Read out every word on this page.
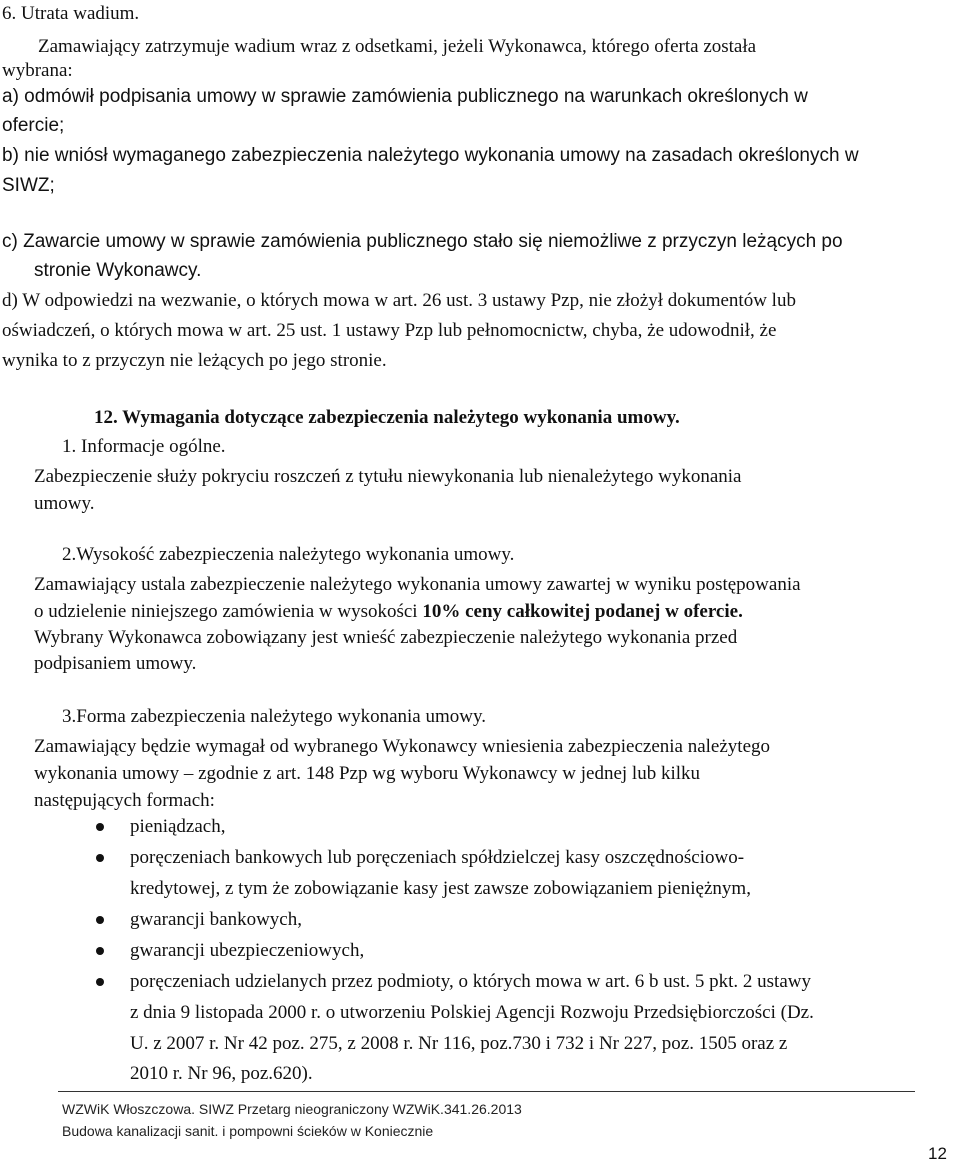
6. Utrata wadium.
Zamawiający zatrzymuje wadium wraz z odsetkami, jeżeli Wykonawca, którego oferta została
wybrana:
a) odmówił podpisania umowy w sprawie zamówienia publicznego na warunkach określonych w
ofercie;
b) nie wniósł wymaganego zabezpieczenia należytego wykonania umowy na zasadach określonych w
SIWZ;
c) Zawarcie umowy w sprawie zamówienia publicznego stało się niemożliwe z przyczyn leżących po
stronie Wykonawcy.
d) W odpowiedzi na wezwanie, o których mowa w art. 26 ust. 3 ustawy Pzp, nie złożył dokumentów lub
oświadczeń, o których mowa w art. 25 ust. 1 ustawy Pzp lub pełnomocnictw, chyba, że udowodnił, że
wynika to z przyczyn nie leżących po jego stronie.
12. Wymagania dotyczące zabezpieczenia należytego wykonania umowy.
1. Informacje ogólne.
Zabezpieczenie służy pokryciu roszczeń z tytułu niewykonania lub nienależytego wykonania
umowy.
2.Wysokość zabezpieczenia należytego wykonania umowy.
Zamawiający ustala zabezpieczenie należytego wykonania umowy zawartej w wyniku postępowania
o udzielenie niniejszego zamówienia w wysokości 10% ceny całkowitej podanej w ofercie.
Wybrany Wykonawca zobowiązany jest wnieść zabezpieczenie należytego wykonania przed
podpisaniem umowy.
3.Forma zabezpieczenia należytego wykonania umowy.
Zamawiający będzie wymagał od wybranego Wykonawcy wniesienia zabezpieczenia należytego
wykonania umowy – zgodnie z art. 148 Pzp wg wyboru Wykonawcy w jednej lub kilku
następujących formach:
pieniądzach,
poręczeniach bankowych lub poręczeniach spółdzielczej kasy oszczędnościowo-
kredytowej, z tym że zobowiązanie kasy jest zawsze zobowiązaniem pieniężnym,
gwarancji bankowych,
gwarancji ubezpieczeniowych,
poręczeniach udzielanych przez podmioty, o których mowa w art. 6 b ust. 5 pkt. 2 ustawy
z dnia 9 listopada 2000 r. o utworzeniu Polskiej Agencji Rozwoju Przedsiębiorczości (Dz.
U. z 2007 r. Nr 42 poz. 275, z 2008 r. Nr 116, poz.730 i 732 i Nr 227, poz. 1505 oraz z
2010 r. Nr 96, poz.620).
WZWiK Włoszczowa. SIWZ Przetarg nieograniczony WZWiK.341.26.2013
Budowa kanalizacji sanit. i pompowni ścieków w Koniecznie
12
